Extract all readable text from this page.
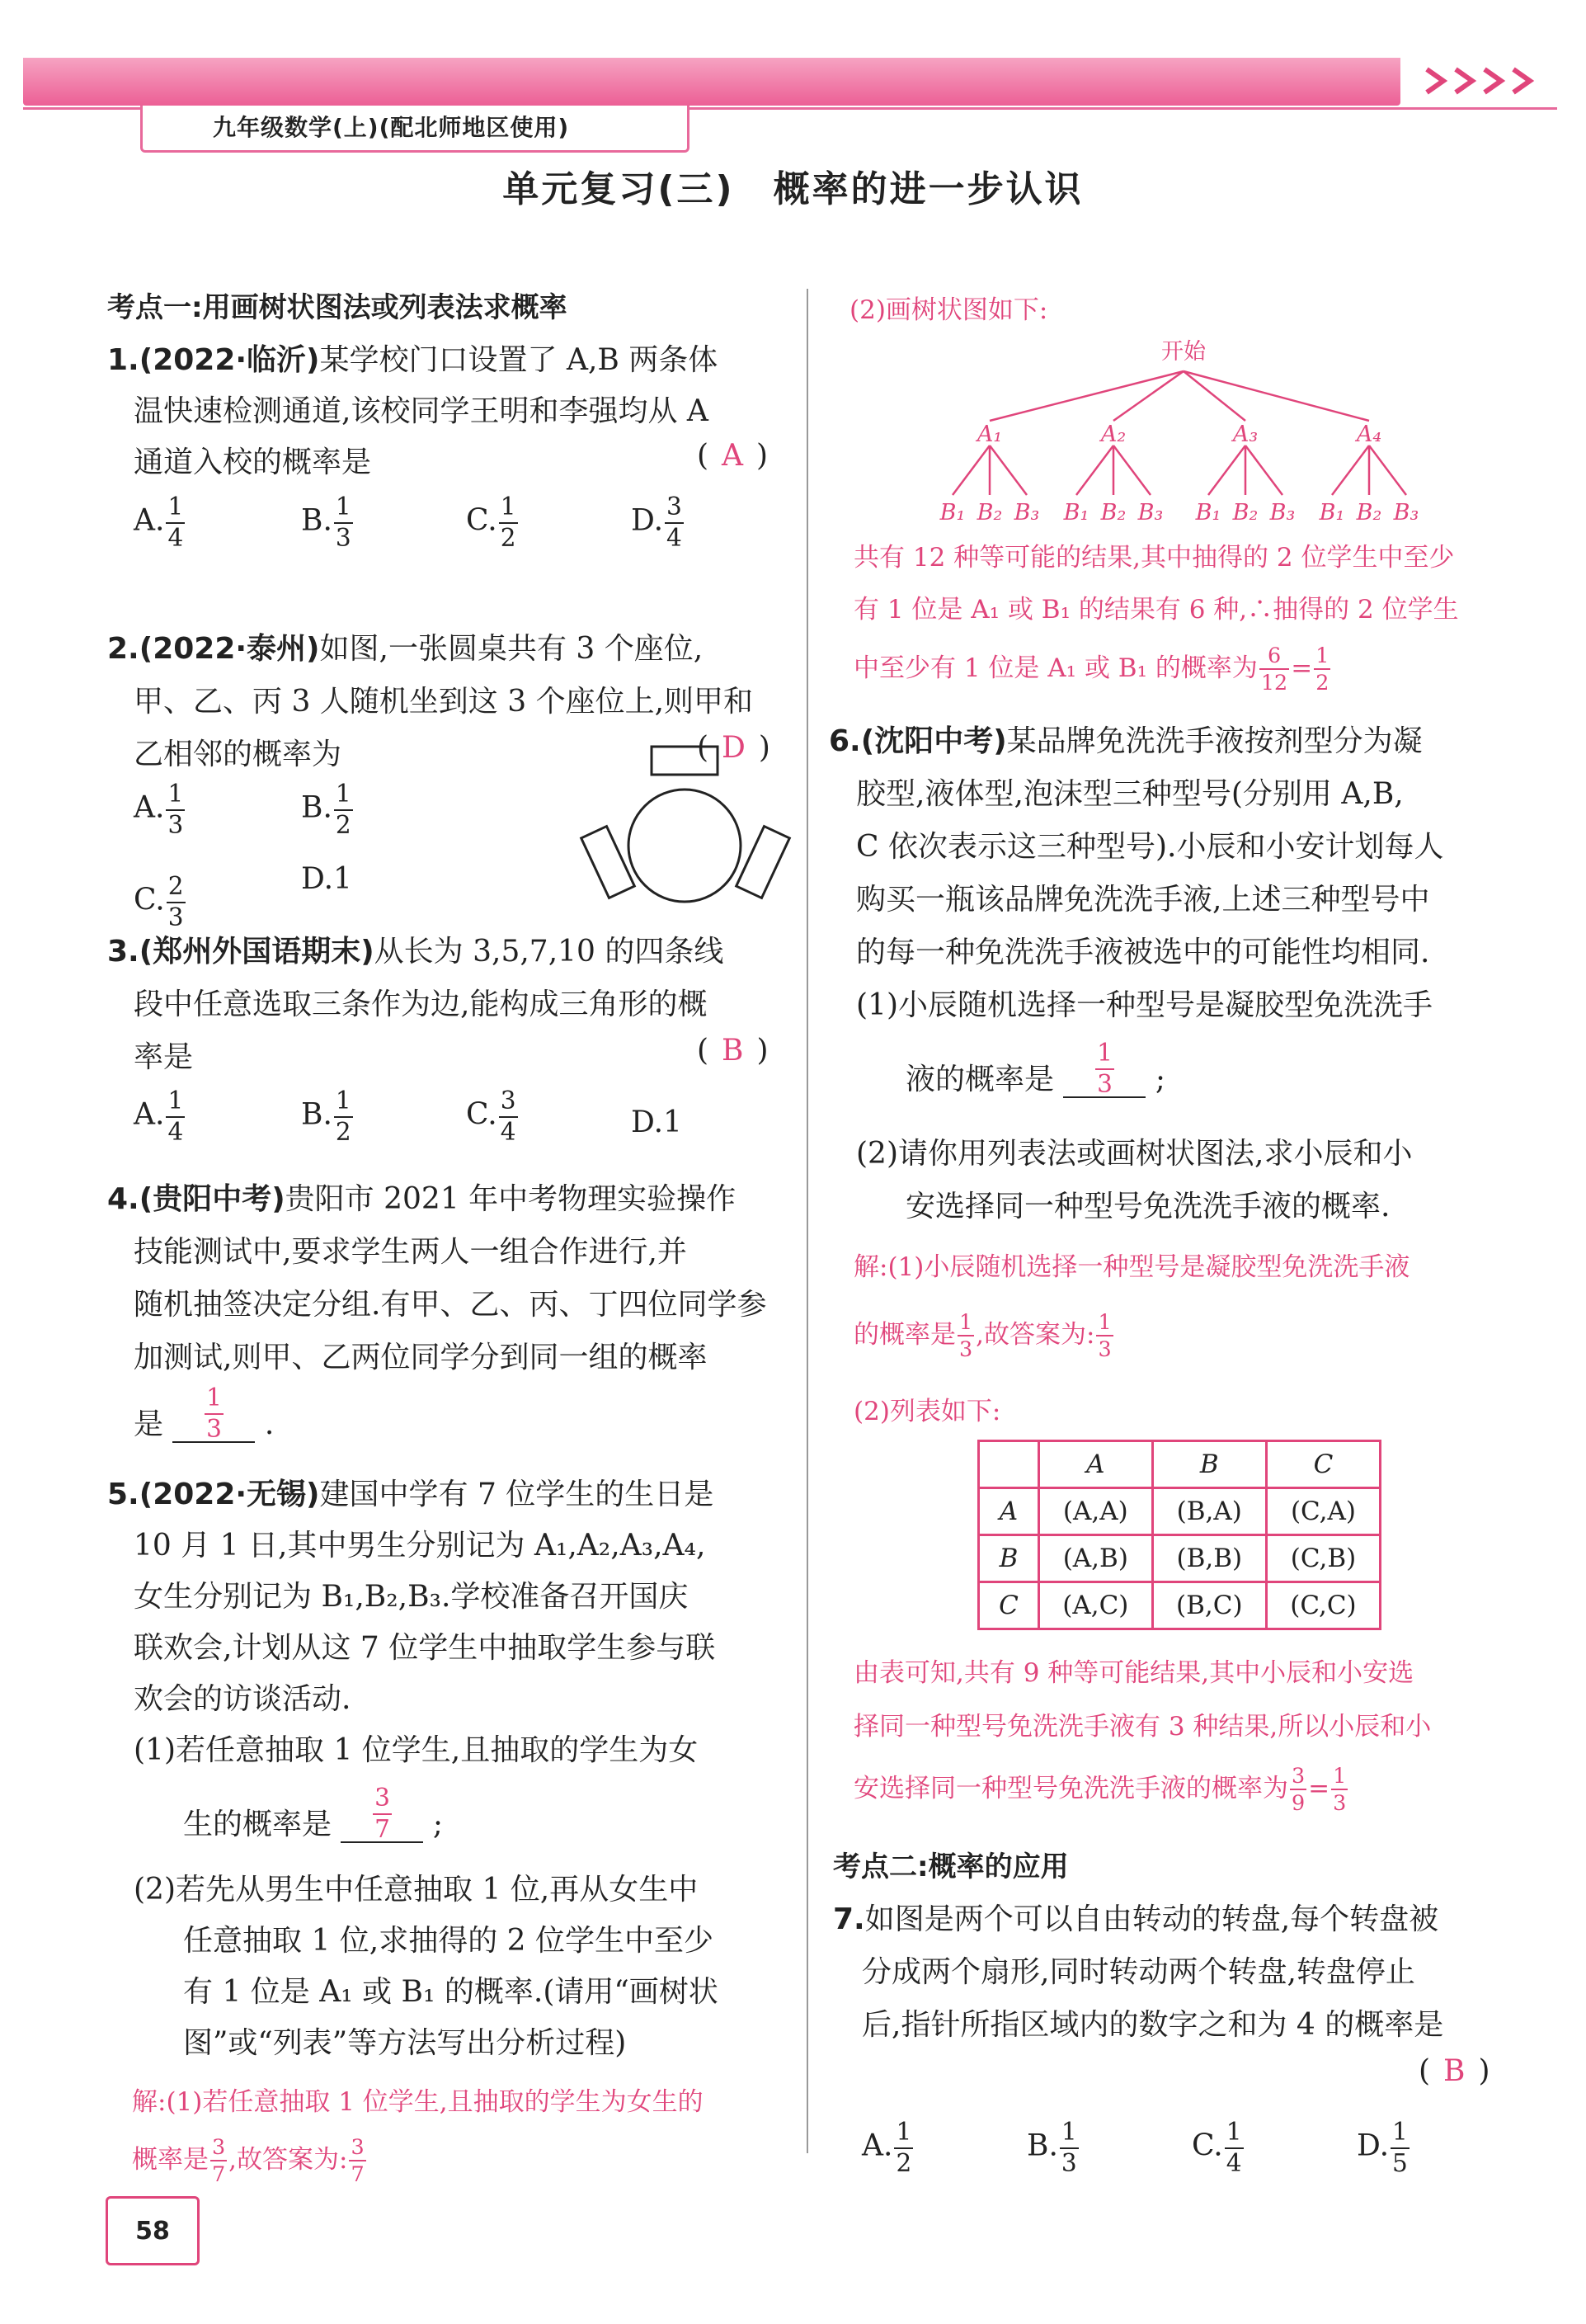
九年级数学(上)(配北师地区使用)
单元复习(三)　概率的进一步认识
考点一:用画树状图法或列表法求概率
1.(2022·临沂)某学校门口设置了 A,B 两条体
温快速检测通道,该校同学王明和李强均从 A
通道入校的概率是	( A )
A. $\frac{1}{4}$	B. $\frac{1}{3}$	C. $\frac{1}{2}$	D. $\frac{3}{4}$
2.(2022·泰州)如图,一张圆桌共有 3 个座位,
甲、乙、丙 3 人随机坐到这 3 个座位上,则甲和
乙相邻的概率为	( D )
A. $\frac{1}{3}$	B. $\frac{1}{2}$
C. $\frac{2}{3}$	D.1
3.(郑州外国语期末)从长为 3,5,7,10 的四条线
段中任意选取三条作为边,能构成三角形的概
率是	( B )
A. $\frac{1}{4}$	B. $\frac{1}{2}$	C. $\frac{3}{4}$	D.1
4.(贵阳中考)贵阳市 2021 年中考物理实验操作
技能测试中,要求学生两人一组合作进行,并
随机抽签决定分组.有甲、乙、丙、丁四位同学参
加测试,则甲、乙两位同学分到同一组的概率
是 $\frac{1}{3}$ .
5.(2022·无锡)建国中学有 7 位学生的生日是
10 月 1 日,其中男生分别记为 A₁,A₂,A₃,A₄,
女生分别记为 B₁,B₂,B₃.学校准备召开国庆
联欢会,计划从这 7 位学生中抽取学生参与联
欢会的访谈活动.
(1)若任意抽取 1 位学生,且抽取的学生为女
生的概率是 $\frac{3}{7}$ ;
(2)若先从男生中任意抽取 1 位,再从女生中
任意抽取 1 位,求抽得的 2 位学生中至少
有 1 位是 A₁ 或 B₁ 的概率.(请用“画树状
图”或“列表”等方法写出分析过程)
解:(1)若任意抽取 1 位学生,且抽取的学生为女生的
概率是 $\frac{3}{7}$ ,故答案为: $\frac{3}{7}$
(2)画树状图如下:
开始
A₁	A₂	A₃	A₄
B₁ B₂ B₃ B₁ B₂ B₃ B₁ B₂ B₃ B₁ B₂ B₃
共有 12 种等可能的结果,其中抽得的 2 位学生中至少
有 1 位是 A₁ 或 B₁ 的结果有 6 种,∴抽得的 2 位学生
中至少有 1 位是 A₁ 或 B₁ 的概率为 $\frac{6}{12} = \frac{1}{2}$
6.(沈阳中考)某品牌免洗洗手液按剂型分为凝
胶型,液体型,泡沫型三种型号(分别用 A,B,
C 依次表示这三种型号).小辰和小安计划每人
购买一瓶该品牌免洗洗手液,上述三种型号中
的每一种免洗洗手液被选中的可能性均相同.
(1)小辰随机选择一种型号是凝胶型免洗洗手
液的概率是 $\frac{1}{3}$ ;
(2)请你用列表法或画树状图法,求小辰和小
安选择同一种型号免洗洗手液的概率.
解:(1)小辰随机选择一种型号是凝胶型免洗洗手液
的概率是 $\frac{1}{3}$ ,故答案为: $\frac{1}{3}$
(2)列表如下:
	A	B	C
A	(A,A)	(B,A)	(C,A)
B	(A,B)	(B,B)	(C,B)
C	(A,C)	(B,C)	(C,C)
由表可知,共有 9 种等可能结果,其中小辰和小安选
择同一种型号免洗洗手液有 3 种结果,所以小辰和小
安选择同一种型号免洗洗手液的概率为 $\frac{3}{9} = \frac{1}{3}$
考点二:概率的应用
7.如图是两个可以自由转动的转盘,每个转盘被
分成两个扇形,同时转动两个转盘,转盘停止
后,指针所指区域内的数字之和为 4 的概率是
( B )
A. $\frac{1}{2}$	B. $\frac{1}{3}$	C. $\frac{1}{4}$	D. $\frac{1}{5}$
58
